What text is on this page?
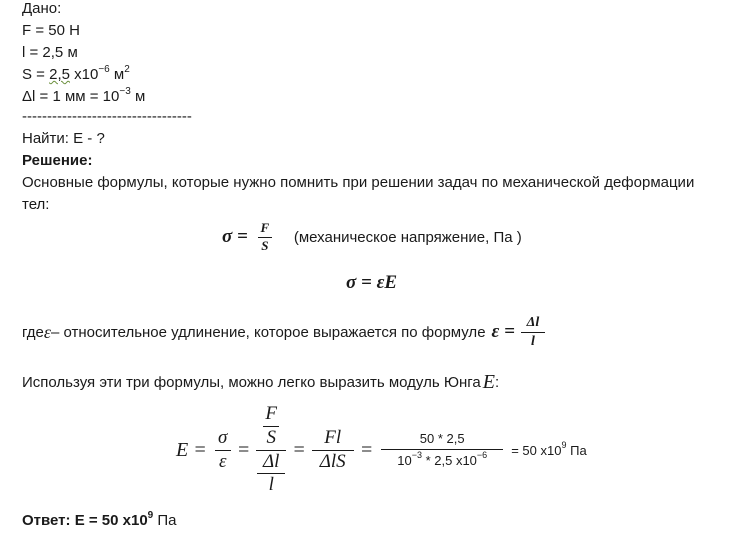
Дано:
F = 50 Н
l = 2,5 м
S = 2,5 $x10^{-6}$ $м^2$
Δl = 1 мм = $10^{-3}$ м
----------------------------------
Найти: Е - ?
Решение:
Основные формулы, которые нужно помнить при решении задач по механической деформации
тел:
$\sigma = \frac{F}{S}$ (механическое напряжение, Па )
σ = εE
где ε – относительное удлинение, которое выражается по формуле $\varepsilon = \frac{\Delta l}{l}$
Используя эти три формулы, можно легко выразить модуль Юнга E :
$E = \frac{\sigma}{\varepsilon} = \frac{\frac{F}{S}}{\frac{\Delta l}{l}} = \frac{Fl}{\text{ΔlS}} = \frac{50 * 2,5}{10^{-3} * 2,5 x10^{-6}} = 50$ $x10^9$ Па
Ответ: Е = 50 $x10^9$ Па
